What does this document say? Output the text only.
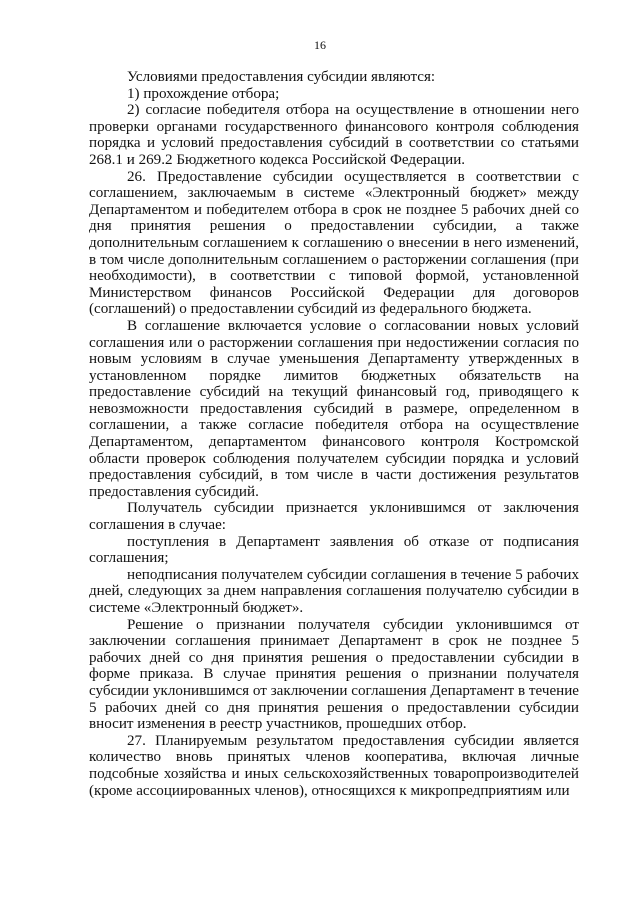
16

Условиями предоставления субсидии являются:

1) прохождение отбора;

2) согласие победителя отбора на осуществление в отношении него проверки органами государственного финансового контроля соблюдения порядка и условий предоставления субсидий в соответствии со статьями 268.1 и 269.2 Бюджетного кодекса Российской Федерации.

26. Предоставление субсидии осуществляется в соответствии с соглашением, заключаемым в системе «Электронный бюджет» между Департаментом и победителем отбора в срок не позднее 5 рабочих дней со дня принятия решения о предоставлении субсидии, а также дополнительным соглашением к соглашению о внесении в него изменений, в том числе дополнительным соглашением о расторжении соглашения (при необходимости), в соответствии с типовой формой, установленной Министерством финансов Российской Федерации для договоров (соглашений) о предоставлении субсидий из федерального бюджета.

В соглашение включается условие о согласовании новых условий соглашения или о расторжении соглашения при недостижении согласия по новым условиям в случае уменьшения Департаменту утвержденных в установленном порядке лимитов бюджетных обязательств на предоставление субсидий на текущий финансовый год, приводящего к невозможности предоставления субсидий в размере, определенном в соглашении, а также согласие победителя отбора на осуществление Департаментом, департаментом финансового контроля Костромской области проверок соблюдения получателем субсидии порядка и условий предоставления субсидий, в том числе в части достижения результатов предоставления субсидий.

Получатель субсидии признается уклонившимся от заключения соглашения в случае:

поступления в Департамент заявления об отказе от подписания соглашения;

неподписания получателем субсидии соглашения в течение 5 рабочих дней, следующих за днем направления соглашения получателю субсидии в системе «Электронный бюджет».

Решение о признании получателя субсидии уклонившимся от заключении соглашения принимает Департамент в срок не позднее 5 рабочих дней со дня принятия решения о предоставлении субсидии в форме приказа. В случае принятия решения о признании получателя субсидии уклонившимся от заключении соглашения Департамент в течение 5 рабочих дней со дня принятия решения о предоставлении субсидии вносит изменения в реестр участников, прошедших отбор.

27. Планируемым результатом предоставления субсидии является количество вновь принятых членов кооператива, включая личные подсобные хозяйства и иных сельскохозяйственных товаропроизводителей (кроме ассоциированных членов), относящихся к микропредприятиям или
